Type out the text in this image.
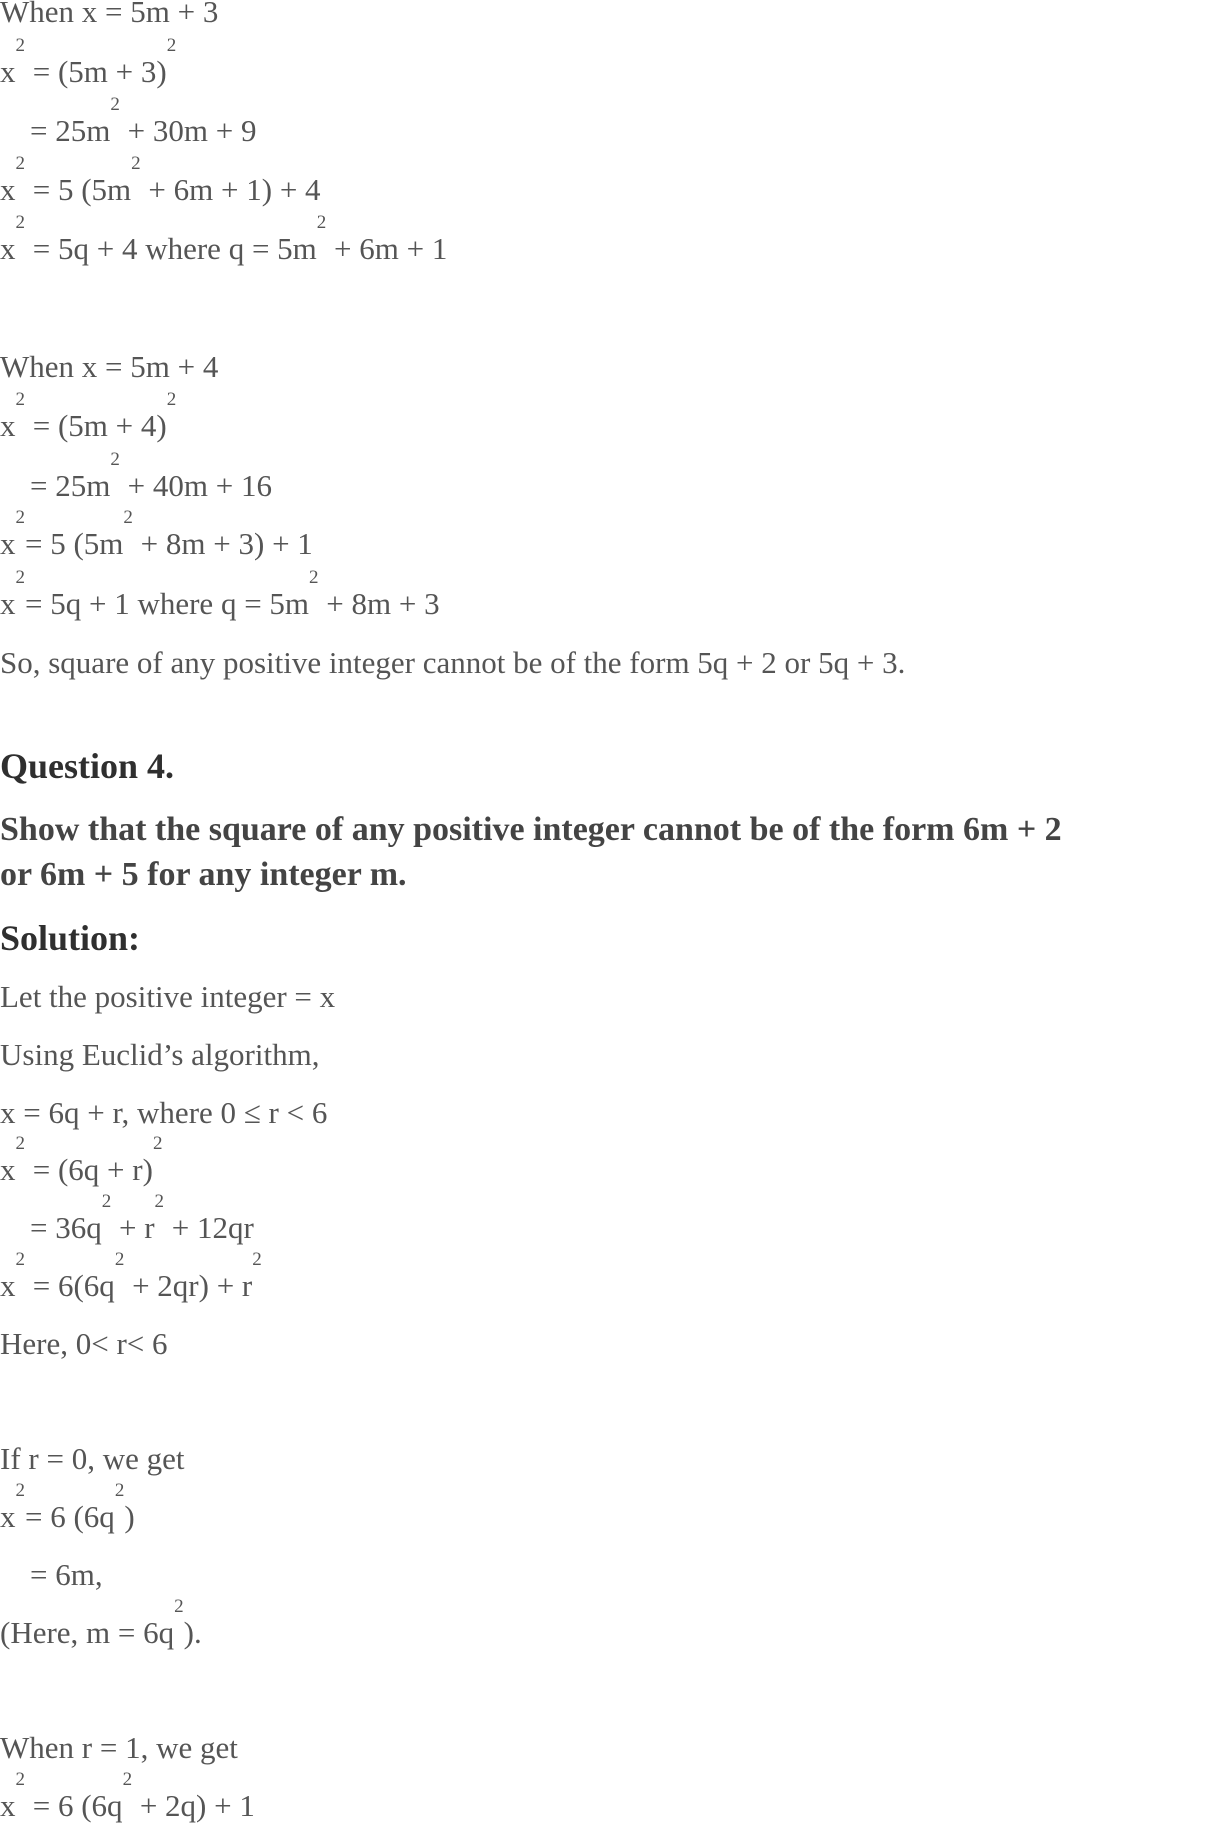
When x = 5m + 3
$x^2 = (5m + 3)^2$
= $25m^2 + 30m + 9$
$x^2 = 5$ $(5m^2 + 6m + 1) + 4$
$x^2 = 5q + 4$ where $q = 5m^2 + 6m + 1$
When x = 5m + 4
$x^2 = (5m + 4)^2$
= $25m^2 + 40m + 16$
$x^2= 5$ $(5m^2 + 8m + 3) + 1$
$x^2= 5q + 1$ where $q = 5m^2 + 8m + 3$
So, square of any positive integer cannot be of the form 5q + 2 or 5q + 3.
Question 4.
Show that the square of any positive integer cannot be of the form 6m + 2
or 6m + 5 for any integer m.
Solution:
Let the positive integer = x
Using Euclid’s algorithm,
x = 6q + r, where 0 ≤ r < 6
$x^2 = (6q + r)^2$
= $36q^2 + r^2 + 12qr$
$x^2 = 6(6q^2 + 2qr) + r^2$
Here, 0< r< 6
If r = 0, we get
$x^2= 6$ $(6q^2)$
= 6m,
(Here, $m = 6q^2$).
When r = 1, we get
$x^2 = 6$ $(6q^2 + 2q) + 1$
